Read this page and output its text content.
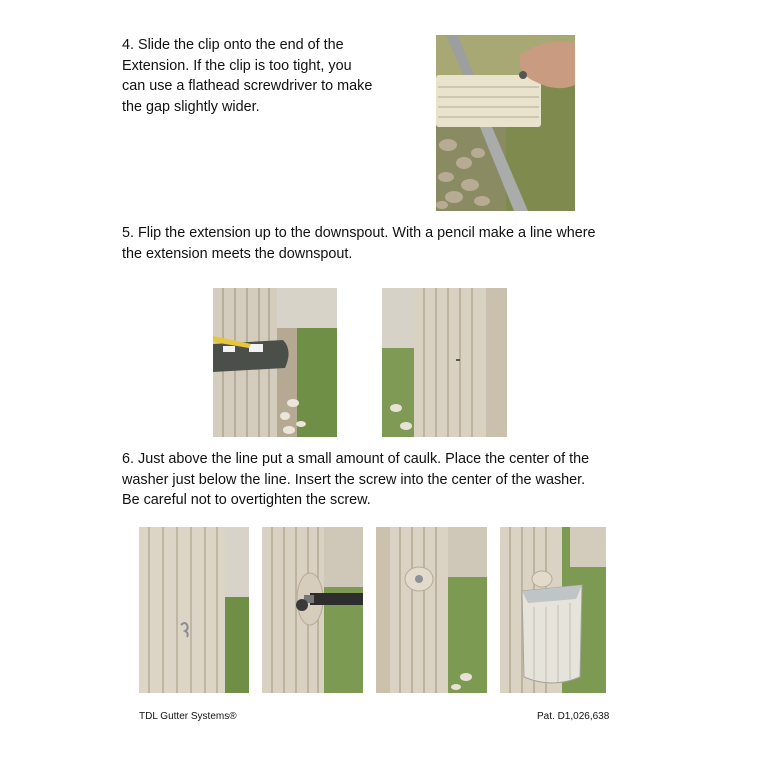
4. Slide the clip onto the end of the
Extension. If the clip is too tight, you
can use a flathead screwdriver to make
the gap slightly wider.

5. Flip the extension up to the downspout. With a pencil make a line where
the extension meets the downspout.

6. Just above the line put a small amount of caulk. Place the center of the
washer just below the line. Insert the screw into the center of the washer.
Be careful not to overtighten the screw.

TDL Gutter Systems®	Pat. D1,026,638
